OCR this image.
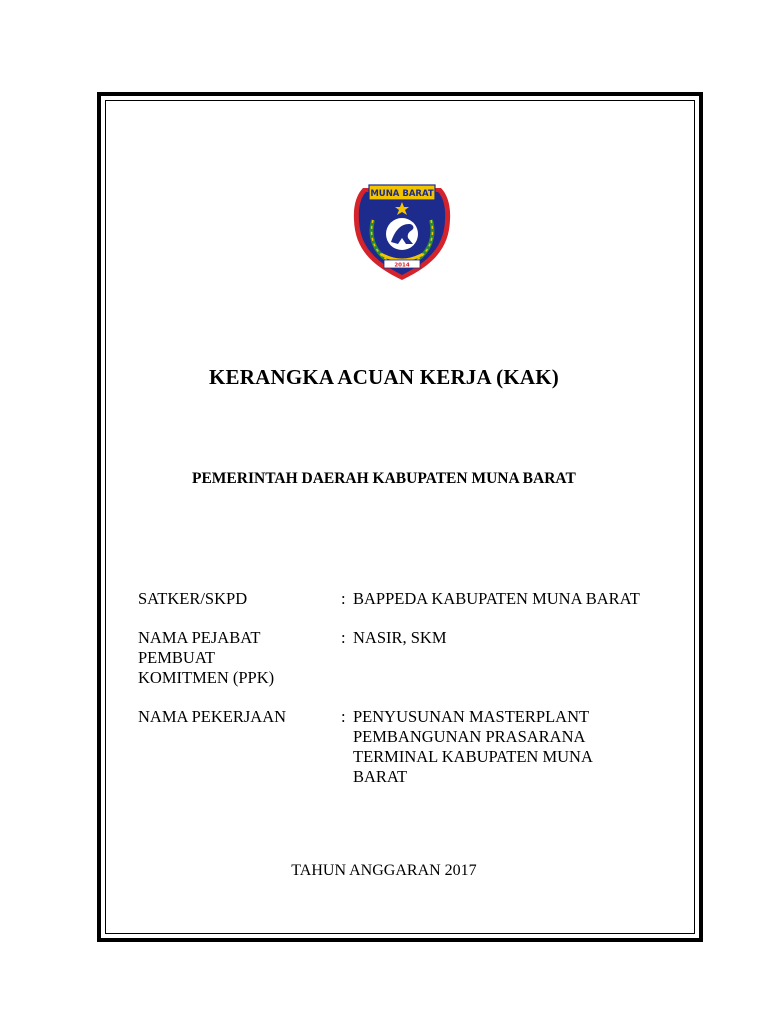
MUNA BARAT
2014
KERANGKA ACUAN KERJA (KAK)
PEMERINTAH DAERAH KABUPATEN MUNA BARAT
SATKER/SKPD	: BAPPEDA KABUPATEN MUNA BARAT
NAMA PEJABAT
PEMBUAT
KOMITMEN (PPK)
: NASIR, SKM
NAMA PEKERJAAN	: PENYUSUNAN MASTERPLANT
PEMBANGUNAN PRASARANA
TERMINAL KABUPATEN MUNA
BARAT
TAHUN ANGGARAN 2017
